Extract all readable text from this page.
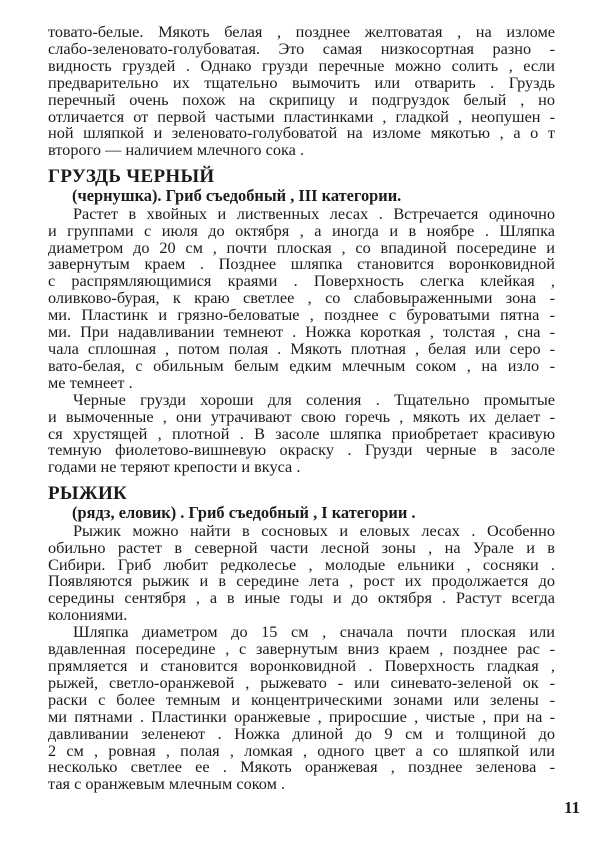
товато-белые. Мякоть белая , позднее желтоватая , на изломе
слабо-зеленовато-голубоватая. Это самая низкосортная разно -
видность груздей . Однако грузди перечные можно солить , если
предварительно их тщательно вымочить или отварить . Груздь
перечный очень похож на скрипицу и подгруздок белый , но
отличается от первой частыми пластинками , гладкой , неопушен -
ной шляпкой и зеленовато-голубоватой на изломе мякотью , а о т
второго — наличием млечного сока .
ГРУЗДЬ ЧЕРНЫЙ
(чернушка). Гриб съедобный , III категории.
Растет в хвойных и лиственных лесах . Встречается одиночно
и группами с июля до октября , а иногда и в ноябре . Шляпка
диаметром до 20 см , почти плоская , со впадиной посередине и
завернутым краем . Позднее шляпка становится воронковидной
с распрямляющимися краями . Поверхность слегка клейкая ,
оливково-бурая, к краю светлее , со слабовыраженными зона -
ми. Пластинк и грязно-беловатые , позднее с буроватыми пятна -
ми. При надавливании темнеют . Ножка короткая , толстая , сна -
чала сплошная , потом полая . Мякоть плотная , белая или серо -
вато-белая, с обильным белым едким млечным соком , на изло -
ме темнеет .
Черные грузди хороши для соления . Тщательно промытые
и вымоченные , они утрачивают свою горечь , мякоть их делает -
ся хрустящей , плотной . В засоле шляпка приобретает красивую
темную фиолетово-вишневую окраску . Грузди черные в засоле
годами не теряют крепости и вкуса .
РЫЖИК
(рядз, еловик) . Гриб съедобный , I категории .
Рыжик можно найти в сосновых и еловых лесах . Особенно
обильно растет в северной части лесной зоны , на Урале и в
Сибири. Гриб любит редколесье , молодые ельники , сосняки .
Появляются рыжик и в середине лета , рост их продолжается до
середины сентября , а в иные годы и до октября . Растут всегда
колониями.
Шляпка диаметром до 15 см , сначала почти плоская или
вдавленная посередине , с завернутым вниз краем , позднее рас -
прямляется и становится воронковидной . Поверхность гладкая ,
рыжей, светло-оранжевой , рыжевато - или синевато-зеленой ок -
раски с более темным и концентрическими зонами или зелены -
ми пятнами . Пластинки оранжевые , приросшие , чистые , при на -
давливании зеленеют . Ножка длиной до 9 см и толщиной до
2 см , ровная , полая , ломкая , одного цвет а со шляпкой или
несколько светлее ее . Мякоть оранжевая , позднее зеленова -
тая с оранжевым млечным соком .
11
